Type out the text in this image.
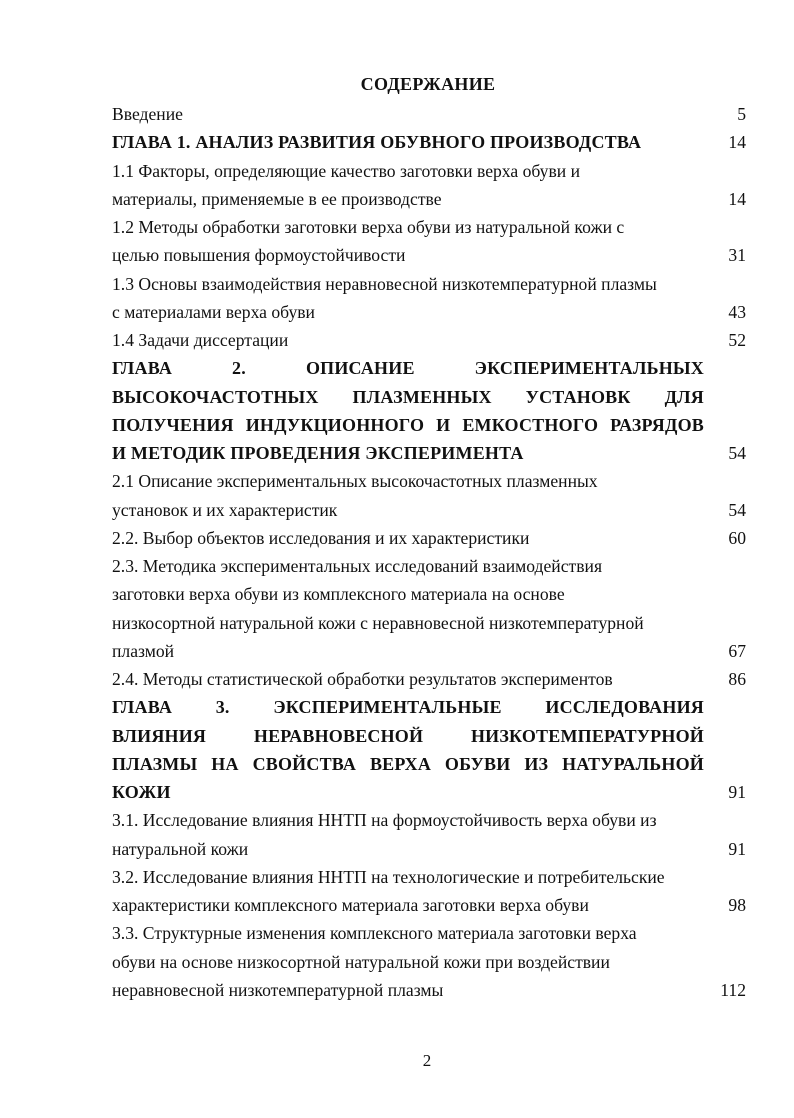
СОДЕРЖАНИЕ
Введение	5
ГЛАВА 1. АНАЛИЗ РАЗВИТИЯ ОБУВНОГО ПРОИЗВОДСТВА	14
1.1 Факторы, определяющие качество заготовки верха обуви и
материалы, применяемые в ее производстве	14
1.2 Методы обработки заготовки верха обуви из натуральной кожи с
целью повышения формоустойчивости	31
1.3 Основы взаимодействия неравновесной низкотемпературной плазмы
с материалами верха обуви	43
1.4 Задачи диссертации	52
ГЛАВА 2. ОПИСАНИЕ ЭКСПЕРИМЕНТАЛЬНЫХ
ВЫСОКОЧАСТОТНЫХ ПЛАЗМЕННЫХ УСТАНОВК ДЛЯ
ПОЛУЧЕНИЯ ИНДУКЦИОННОГО И ЕМКОСТНОГО РАЗРЯДОВ
И МЕТОДИК ПРОВЕДЕНИЯ ЭКСПЕРИМЕНТА	54
2.1 Описание экспериментальных высокочастотных плазменных
установок и их характеристик	54
2.2. Выбор объектов исследования и их характеристики	60
2.3. Методика экспериментальных исследований взаимодействия
заготовки верха обуви из комплексного материала на основе
низкосортной натуральной кожи с неравновесной низкотемпературной
плазмой	67
2.4. Методы статистической обработки результатов экспериментов	86
ГЛАВА 3. ЭКСПЕРИМЕНТАЛЬНЫЕ ИССЛЕДОВАНИЯ
ВЛИЯНИЯ НЕРАВНОВЕСНОЙ НИЗКОТЕМПЕРАТУРНОЙ
ПЛАЗМЫ НА СВОЙСТВА ВЕРХА ОБУВИ ИЗ НАТУРАЛЬНОЙ
КОЖИ	91
3.1. Исследование влияния ННТП на формоустойчивость верха обуви из
натуральной кожи	91
3.2. Исследование влияния ННТП на технологические и потребительские
характеристики комплексного материала заготовки верха обуви	98
3.3. Структурные изменения комплексного материала заготовки верха
обуви на основе низкосортной натуральной кожи при воздействии
неравновесной низкотемпературной плазмы	112
2
